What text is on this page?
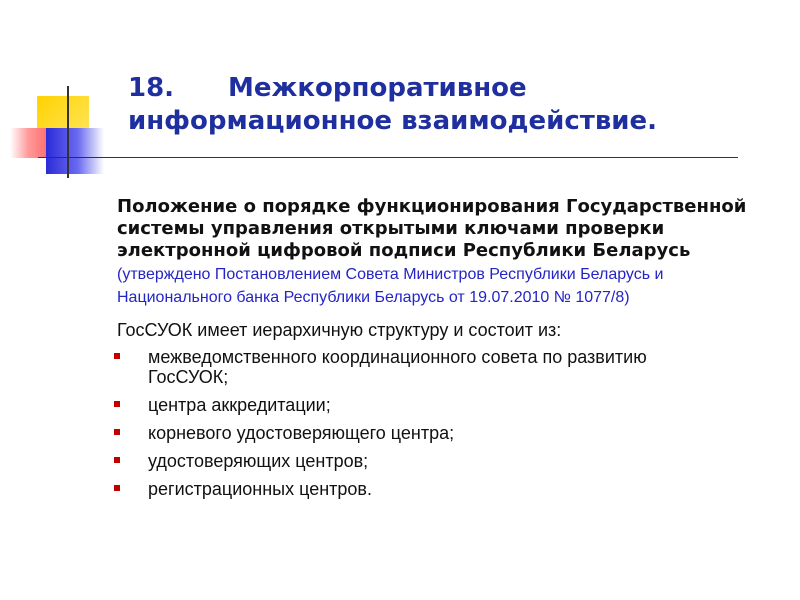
18. Межкорпоративное
информационное взаимодействие.

Положение о порядке функционирования Государственной системы управления открытыми ключами проверки электронной цифровой подписи Республики Беларусь (утверждено Постановлением Совета Министров Республики Беларусь и Национального банка Республики Беларусь от 19.07.2010 № 1077/8)

ГосСУОК имеет иерархичную структуру и состоит из:

межведомственного координационного совета по развитию ГосСУОК;
центра аккредитации;
корневого удостоверяющего центра;
удостоверяющих центров;
регистрационных центров.
